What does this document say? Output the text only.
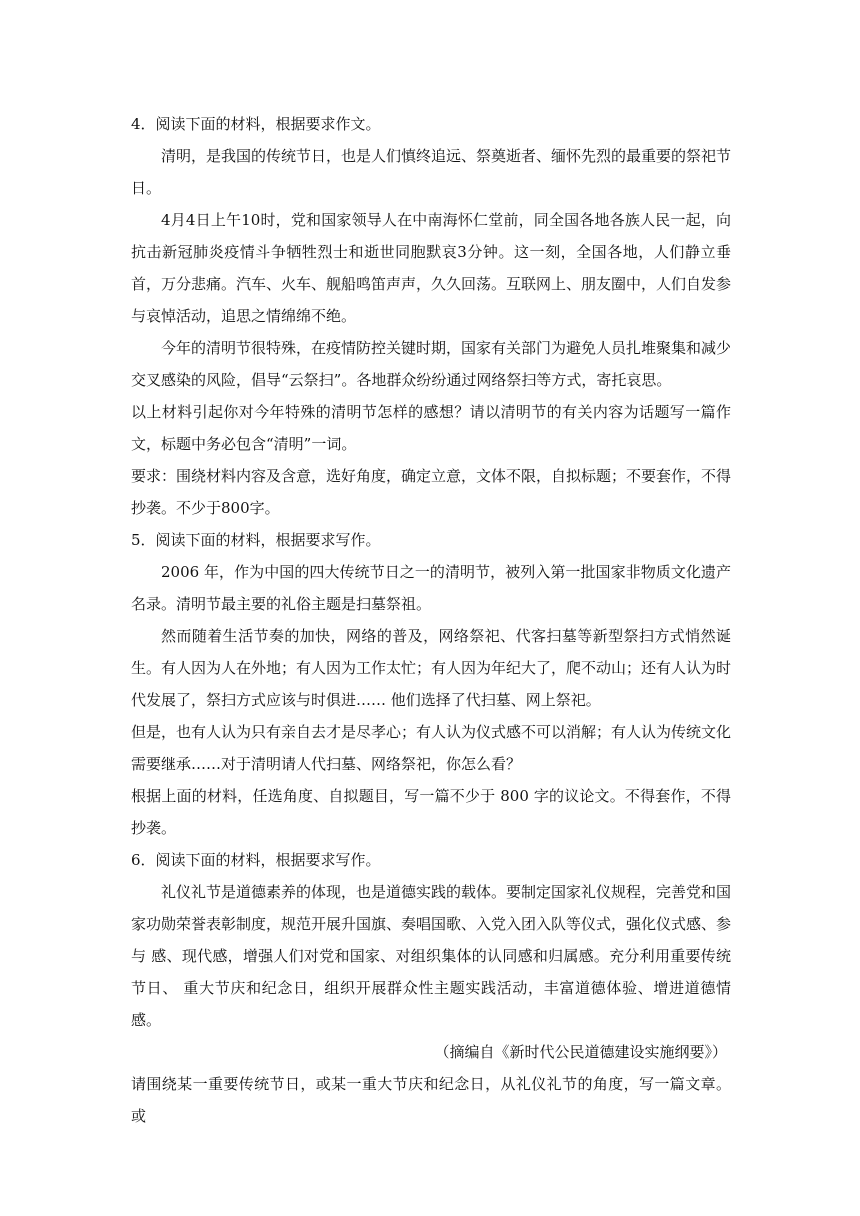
4．阅读下面的材料，根据要求作文。

清明，是我国的传统节日，也是人们慎终追远、祭奠逝者、缅怀先烈的最重要的祭祀节日。

4月4日上午10时，党和国家领导人在中南海怀仁堂前，同全国各地各族人民一起，向抗击新冠肺炎疫情斗争牺牲烈士和逝世同胞默哀3分钟。这一刻，全国各地，人们静立垂首，万分悲痛。汽车、火车、舰船鸣笛声声，久久回荡。互联网上、朋友圈中，人们自发参与哀悼活动，追思之情绵绵不绝。

今年的清明节很特殊，在疫情防控关键时期，国家有关部门为避免人员扎堆聚集和减少交叉感染的风险，倡导“云祭扫”。各地群众纷纷通过网络祭扫等方式，寄托哀思。

以上材料引起你对今年特殊的清明节怎样的感想？请以清明节的有关内容为话题写一篇作文，标题中务必包含“清明”一词。

要求：围绕材料内容及含意，选好角度，确定立意，文体不限，自拟标题；不要套作，不得抄袭。不少于800字。

5．阅读下面的材料，根据要求写作。

2006 年，作为中国的四大传统节日之一的清明节，被列入第一批国家非物质文化遗产名录。清明节最主要的礼俗主题是扫墓祭祖。

然而随着生活节奏的加快，网络的普及，网络祭祀、代客扫墓等新型祭扫方式悄然诞生。有人因为人在外地；有人因为工作太忙；有人因为年纪大了，爬不动山；还有人认为时代发展了，祭扫方式应该与时俱进…… 他们选择了代扫墓、网上祭祀。

但是，也有人认为只有亲自去才是尽孝心；有人认为仪式感不可以消解；有人认为传统文化需要继承……对于清明请人代扫墓、网络祭祀，你怎么看？

根据上面的材料，任选角度、自拟题目，写一篇不少于 800 字的议论文。不得套作，不得抄袭。

6．阅读下面的材料，根据要求写作。

礼仪礼节是道德素养的体现，也是道德实践的载体。要制定国家礼仪规程，完善党和国家功勋荣誉表彰制度，规范开展升国旗、奏唱国歌、入党入团入队等仪式，强化仪式感、参与 感、现代感，增强人们对党和国家、对组织集体的认同感和归属感。充分利用重要传统节日、 重大节庆和纪念日，组织开展群众性主题实践活动，丰富道德体验、增进道德情感。

（摘编自《新时代公民道德建设实施纲要》）

请围绕某一重要传统节日，或某一重大节庆和纪念日，从礼仪礼节的角度，写一篇文章。 或
